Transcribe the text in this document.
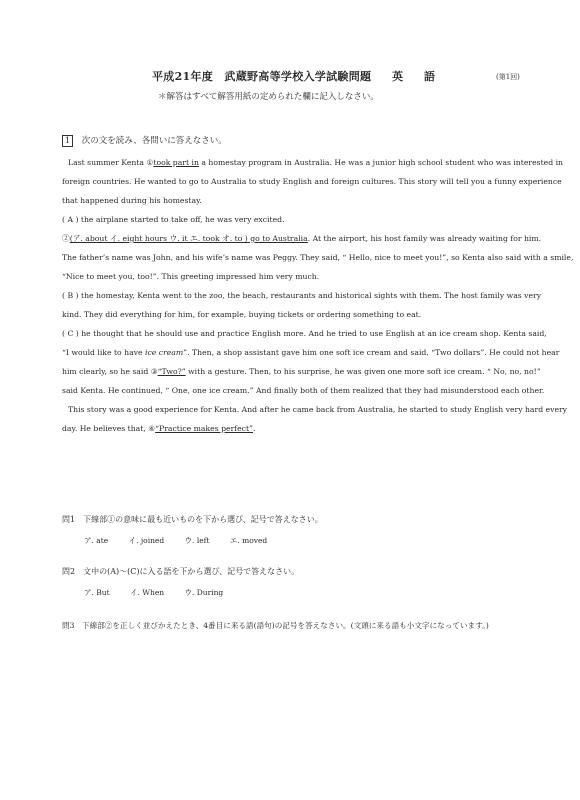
平成21年度　武蔵野高等学校入学試験問題 英　語	(第1回)
＊解答はすべて解答用紙の定められた欄に記入しなさい。
1 次の文を読み、各問いに答えなさい。

Last summer Kenta ①took part in a homestay program in Australia. He was a junior high school student who was interested in

foreign countries. He wanted to go to Australia to study English and foreign cultures. This story will tell you a funny experience

that happened during his homestay.

( A ) the airplane started to take off, he was very excited.

②(ア. about イ. eight hours ウ. it エ. took オ. to ) go to Australia. At the airport, his host family was already waiting for him.

The father’s name was John, and his wife’s name was Peggy. They said, “ Hello, nice to meet you!”, so Kenta also said with a smile,

“Nice to meet you, too!”. This greeting impressed him very much.

( B ) the homestay, Kenta went to the zoo, the beach, restaurants and historical sights with them. The host family was very

kind. They did everything for him, for example, buying tickets or ordering something to eat.

( C ) he thought that he should use and practice English more. And he tried to use English at an ice cream shop. Kenta said,

“I would like to have ice cream”. Then, a shop assistant gave him one soft ice cream and said, “Two dollars”. He could not hear

him clearly, so he said ③“Two?” with a gesture. Then, to his surprise, he was given one more soft ice cream. “ No, no, no!”

said Kenta. He continued, “ One, one ice cream.” And finally both of them realized that they had misunderstood each other.

This story was a good experience for Kenta. And after he came back from Australia, he started to study English very hard every

day. He believes that, ④“Practice makes perfect”.

問1　下線部①の意味に最も近いものを下から選び、記号で答えなさい。
ア. ate	イ. joined	ウ. left	エ. moved
問2　文中の(A)～(C)に入る語を下から選び、記号で答えなさい。
ア. But	イ. When	ウ. During
問3　下線部②を正しく並びかえたとき、4番目に来る語(語句)の記号を答えなさい。(文頭に来る語も小文字になっています。)
